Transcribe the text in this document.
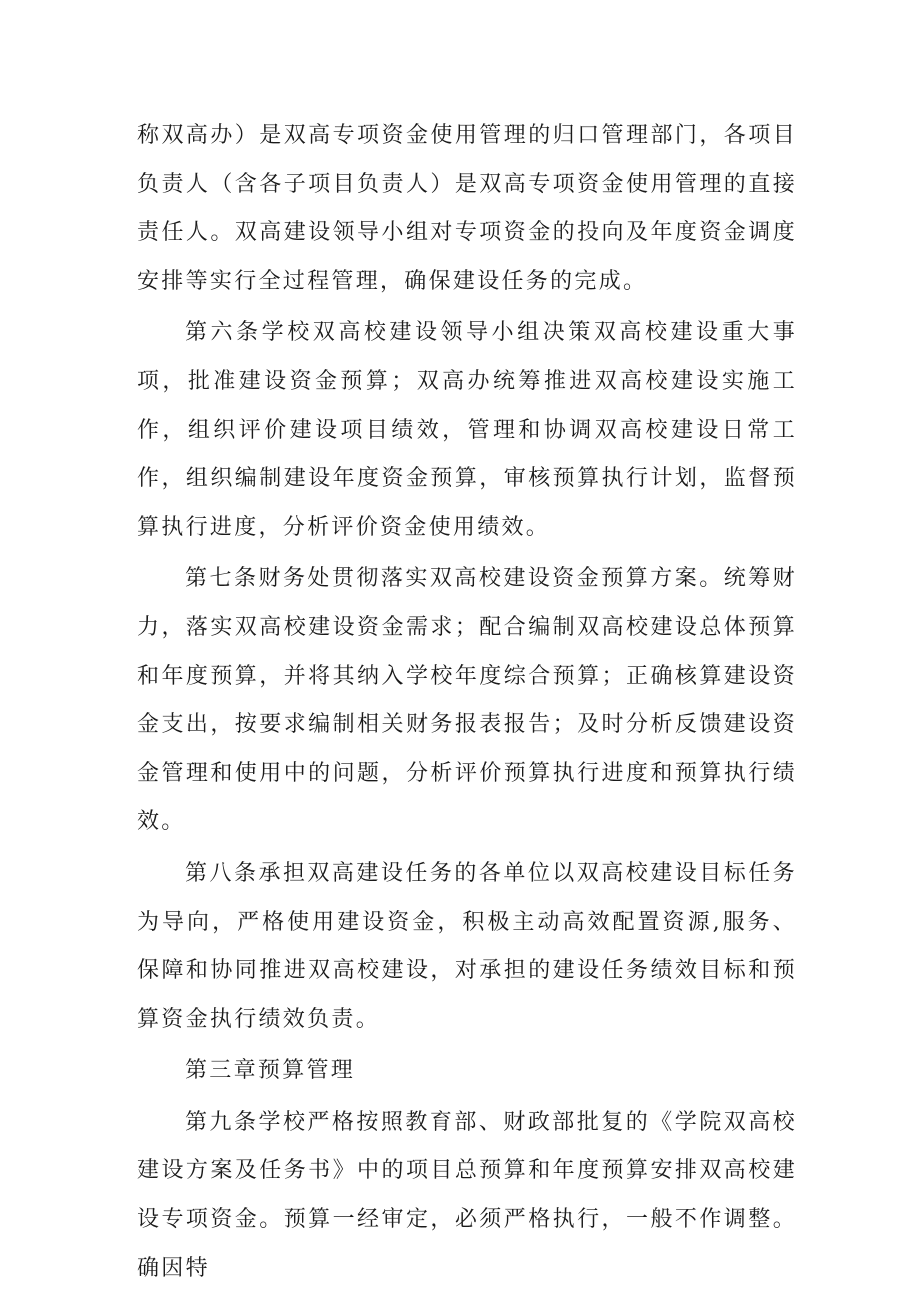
称双高办）是双高专项资金使用管理的归口管理部门，各项目负责人（含各子项目负责人）是双高专项资金使用管理的直接责任人。双高建设领导小组对专项资金的投向及年度资金调度安排等实行全过程管理，确保建设任务的完成。

第六条学校双高校建设领导小组决策双高校建设重大事项，批准建设资金预算；双高办统筹推进双高校建设实施工作，组织评价建设项目绩效，管理和协调双高校建设日常工作，组织编制建设年度资金预算，审核预算执行计划，监督预算执行进度，分析评价资金使用绩效。

第七条财务处贯彻落实双高校建设资金预算方案。统筹财力，落实双高校建设资金需求；配合编制双高校建设总体预算和年度预算，并将其纳入学校年度综合预算；正确核算建设资金支出，按要求编制相关财务报表报告；及时分析反馈建设资金管理和使用中的问题，分析评价预算执行进度和预算执行绩效。

第八条承担双高建设任务的各单位以双高校建设目标任务为导向，严格使用建设资金，积极主动高效配置资源,服务、保障和协同推进双高校建设，对承担的建设任务绩效目标和预算资金执行绩效负责。

第三章预算管理

第九条学校严格按照教育部、财政部批复的《学院双高校建设方案及任务书》中的项目总预算和年度预算安排双高校建设专项资金。预算一经审定，必须严格执行，一般不作调整。确因特
